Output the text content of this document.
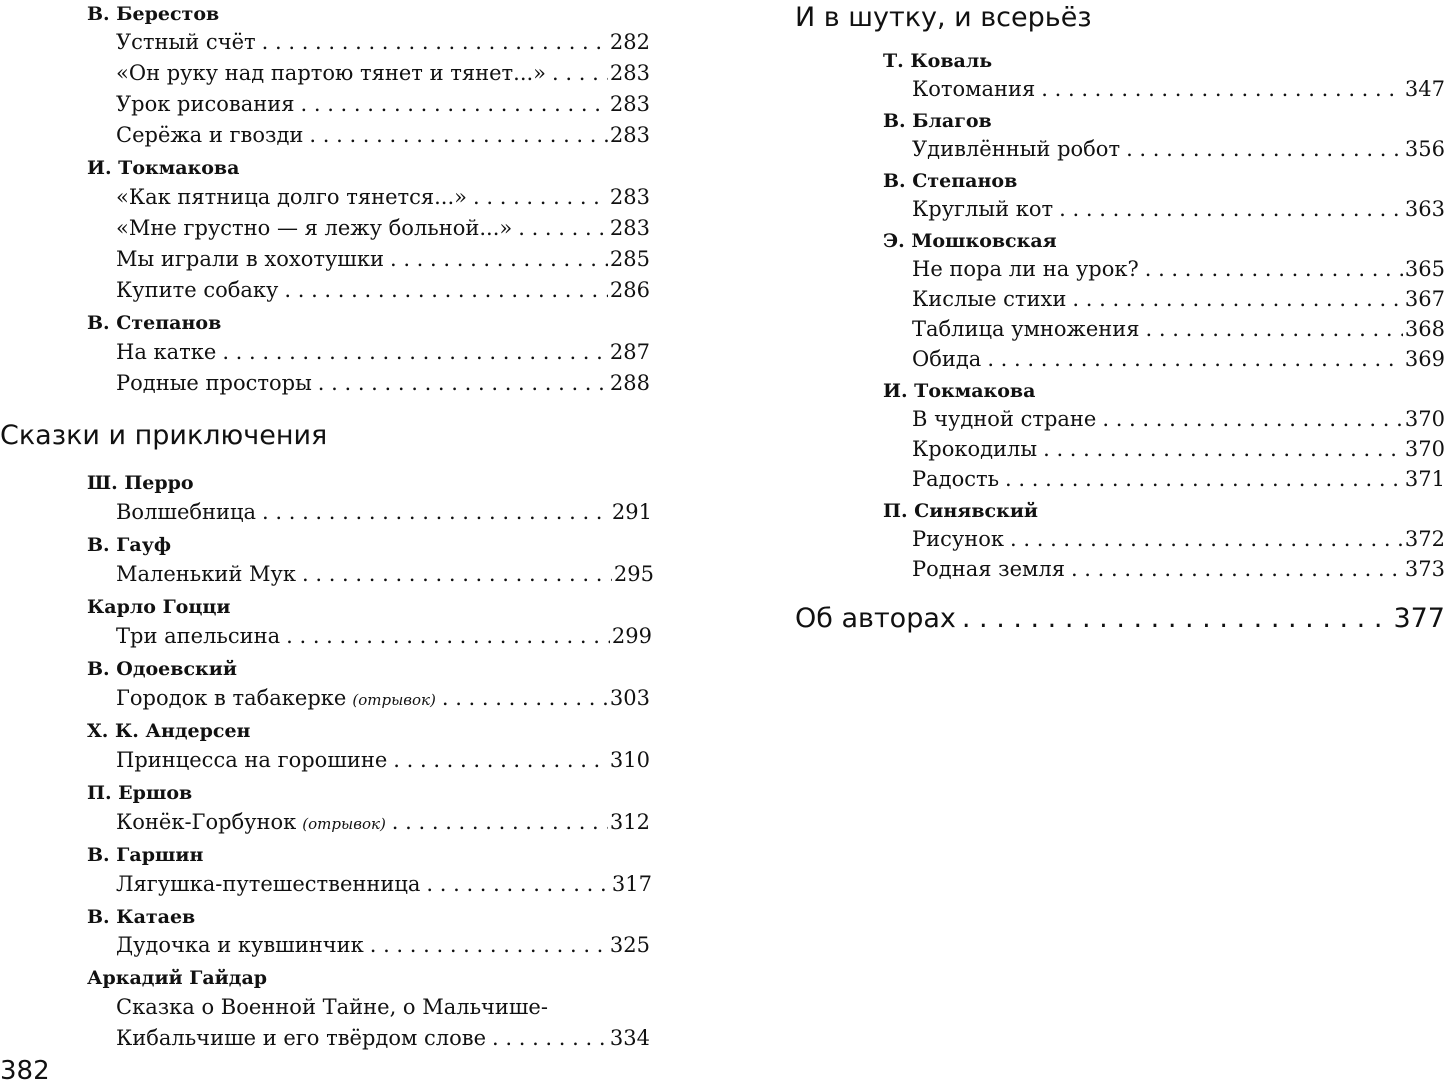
В. Берестов
Устный счёт . . .	282
«Он руку над партою тянет и тянет...» . . .	283
Урок рисования . . .	283
Серёжа и гвозди . . .	283
И. Токмакова
«Как пятница долго тянется...» . . .	283
«Мне грустно — я лежу больной...» . . .	283
Мы играли в хохотушки . . .	285
Купите собаку . . .	286
В. Степанов
На катке . . .	287
Родные просторы . . .	288
Сказки и приключения
Ш. Перро
Волшебница . . .	291
В. Гауф
Маленький Мук . . .	295
Карло Гоцци
Три апельсина . . .	299
В. Одоевский
Городок в табакерке (отрывок) . . .	303
Х. К. Андерсен
Принцесса на горошине . . .	310
П. Ершов
Конёк-Горбунок (отрывок) . . .	312
В. Гаршин
Лягушка-путешественница . . .	317
В. Катаев
Дудочка и кувшинчик . . .	325
Аркадий Гайдар
Сказка о Военной Тайне, о Мальчише-
Кибальчише и его твёрдом слове . . .	334
382
И в шутку, и всерьёз
Т. Коваль
Котомания . . .	347
В. Благов
Удивлённый робот . . .	356
В. Степанов
Круглый кот . . .	363
Э. Мошковская
Не пора ли на урок? . . .	365
Кислые стихи . . .	367
Таблица умножения . . .	368
Обида . . .	369
И. Токмакова
В чудной стране . . .	370
Крокодилы . . .	370
Радость . . .	371
П. Синявский
Рисунок . . .	372
Родная земля . . .	373
Об авторах . . .	377
